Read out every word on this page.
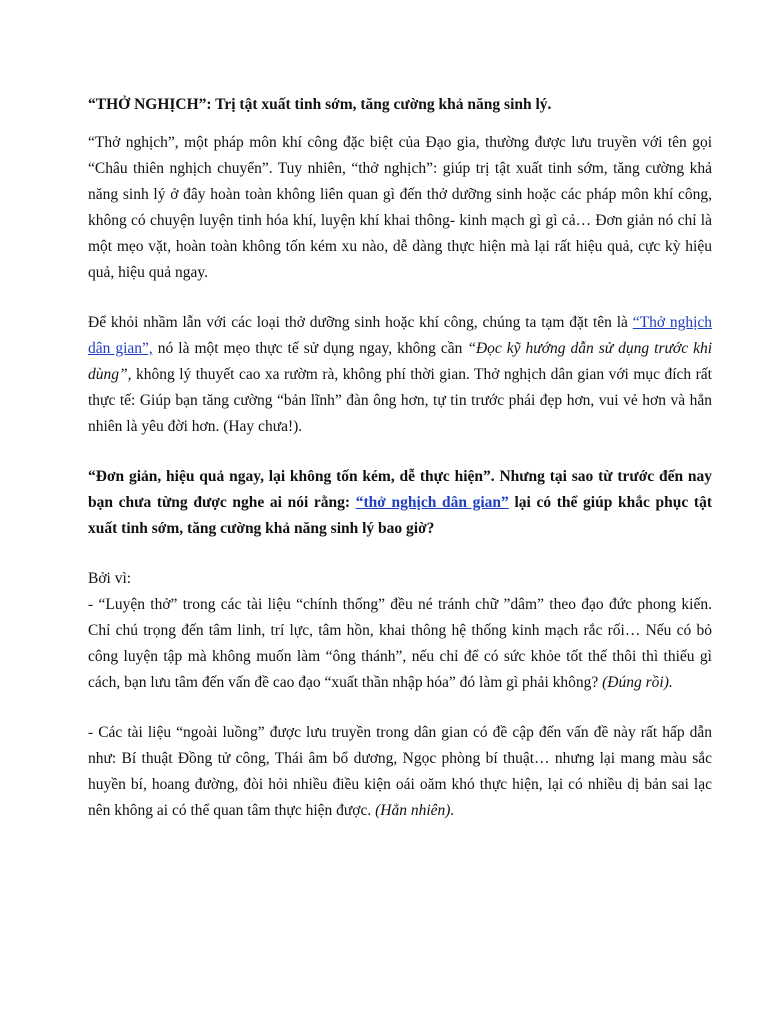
“THỞ NGHỊCH”: Trị tật xuất tinh sớm, tăng cường khả năng sinh lý.

“Thở nghịch”, một pháp môn khí công đặc biệt của Đạo gia, thường được lưu truyền với tên gọi “Châu thiên nghịch chuyển”. Tuy nhiên, “thở nghịch”: giúp trị tật xuất tinh sớm, tăng cường khả năng sinh lý ở đây hoàn toàn không liên quan gì đến thở dưỡng sinh hoặc các pháp môn khí công, không có chuyện luyện tinh hóa khí, luyện khí khai thông- kinh mạch gì gì cả… Đơn giản nó chỉ là một mẹo vặt, hoàn toàn không tốn kém xu nào, dễ dàng thực hiện mà lại rất hiệu quả, cực kỳ hiệu quả, hiệu quả ngay.

Để khỏi nhầm lẫn với các loại thở dưỡng sinh hoặc khí công, chúng ta tạm đặt tên là “Thở nghịch dân gian”, nó là một mẹo thực tế sử dụng ngay, không cần “Đọc kỹ hướng dẫn sử dụng trước khi dùng”, không lý thuyết cao xa rườm rà, không phí thời gian. Thở nghịch dân gian với mục đích rất thực tế: Giúp bạn tăng cường “bản lĩnh” đàn ông hơn, tự tin trước phái đẹp hơn, vui vẻ hơn và hẳn nhiên là yêu đời hơn. (Hay chưa!).

“Đơn giản, hiệu quả ngay, lại không tốn kém, dễ thực hiện”. Nhưng tại sao từ trước đến nay bạn chưa từng được nghe ai nói rằng: “thở nghịch dân gian” lại có thể giúp khắc phục tật xuất tinh sớm, tăng cường khả năng sinh lý bao giờ?

Bởi vì:

- “Luyện thở” trong các tài liệu “chính thống” đều né tránh chữ ”dâm” theo đạo đức phong kiến. Chỉ chú trọng đến tâm linh, trí lực, tâm hồn, khai thông hệ thống kinh mạch rắc rối… Nếu có bỏ công luyện tập mà không muốn làm “ông thánh”, nếu chỉ để có sức khỏe tốt thế thôi thì thiếu gì cách, bạn lưu tâm đến vấn đề cao đạo “xuất thần nhập hóa” đó làm gì phải không? (Đúng rồi).

- Các tài liệu “ngoài luồng” được lưu truyền trong dân gian có đề cập đến vấn đề này rất hấp dẫn như: Bí thuật Đồng tử công, Thái âm bổ dương, Ngọc phòng bí thuật… nhưng lại mang màu sắc huyền bí, hoang đường, đòi hỏi nhiều điều kiện oái oăm khó thực hiện, lại có nhiều dị bản sai lạc nên không ai có thể quan tâm thực hiện được. (Hẳn nhiên).
